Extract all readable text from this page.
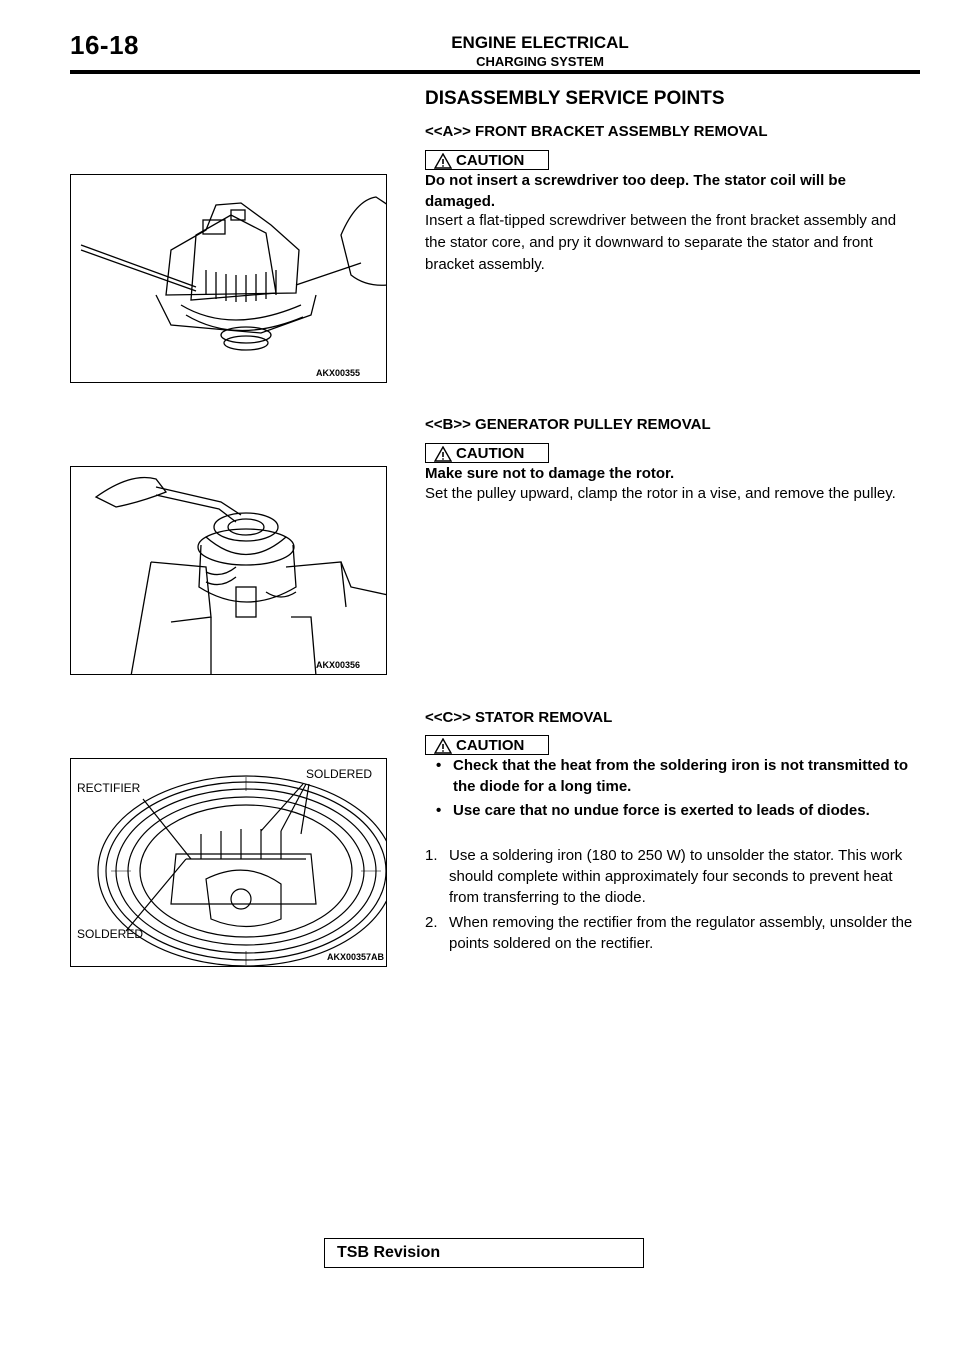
16-18	ENGINE ELECTRICAL
CHARGING SYSTEM
DISASSEMBLY SERVICE POINTS
<<A>> FRONT BRACKET ASSEMBLY REMOVAL
CAUTION
Do not insert a screwdriver too deep. The stator coil will be damaged.
Insert a flat-tipped screwdriver between the front bracket assembly and the stator core, and pry it downward to separate the stator and front bracket assembly.
AKX00355
<<B>> GENERATOR PULLEY REMOVAL
CAUTION
Make sure not to damage the rotor.
Set the pulley upward, clamp the rotor in a vise, and remove the pulley.
AKX00356
<<C>> STATOR REMOVAL
CAUTION
• Check that the heat from the soldering iron is not transmitted to the diode for a long time.
• Use care that no undue force is exerted to leads of diodes.
1. Use a soldering iron (180 to 250 W) to unsolder the stator. This work should complete within approximately four seconds to prevent heat from transferring to the diode.
2. When removing the rectifier from the regulator assembly, unsolder the points soldered on the rectifier.
RECTIFIER
SOLDERED
SOLDERED
AKX00357AB
TSB Revision
